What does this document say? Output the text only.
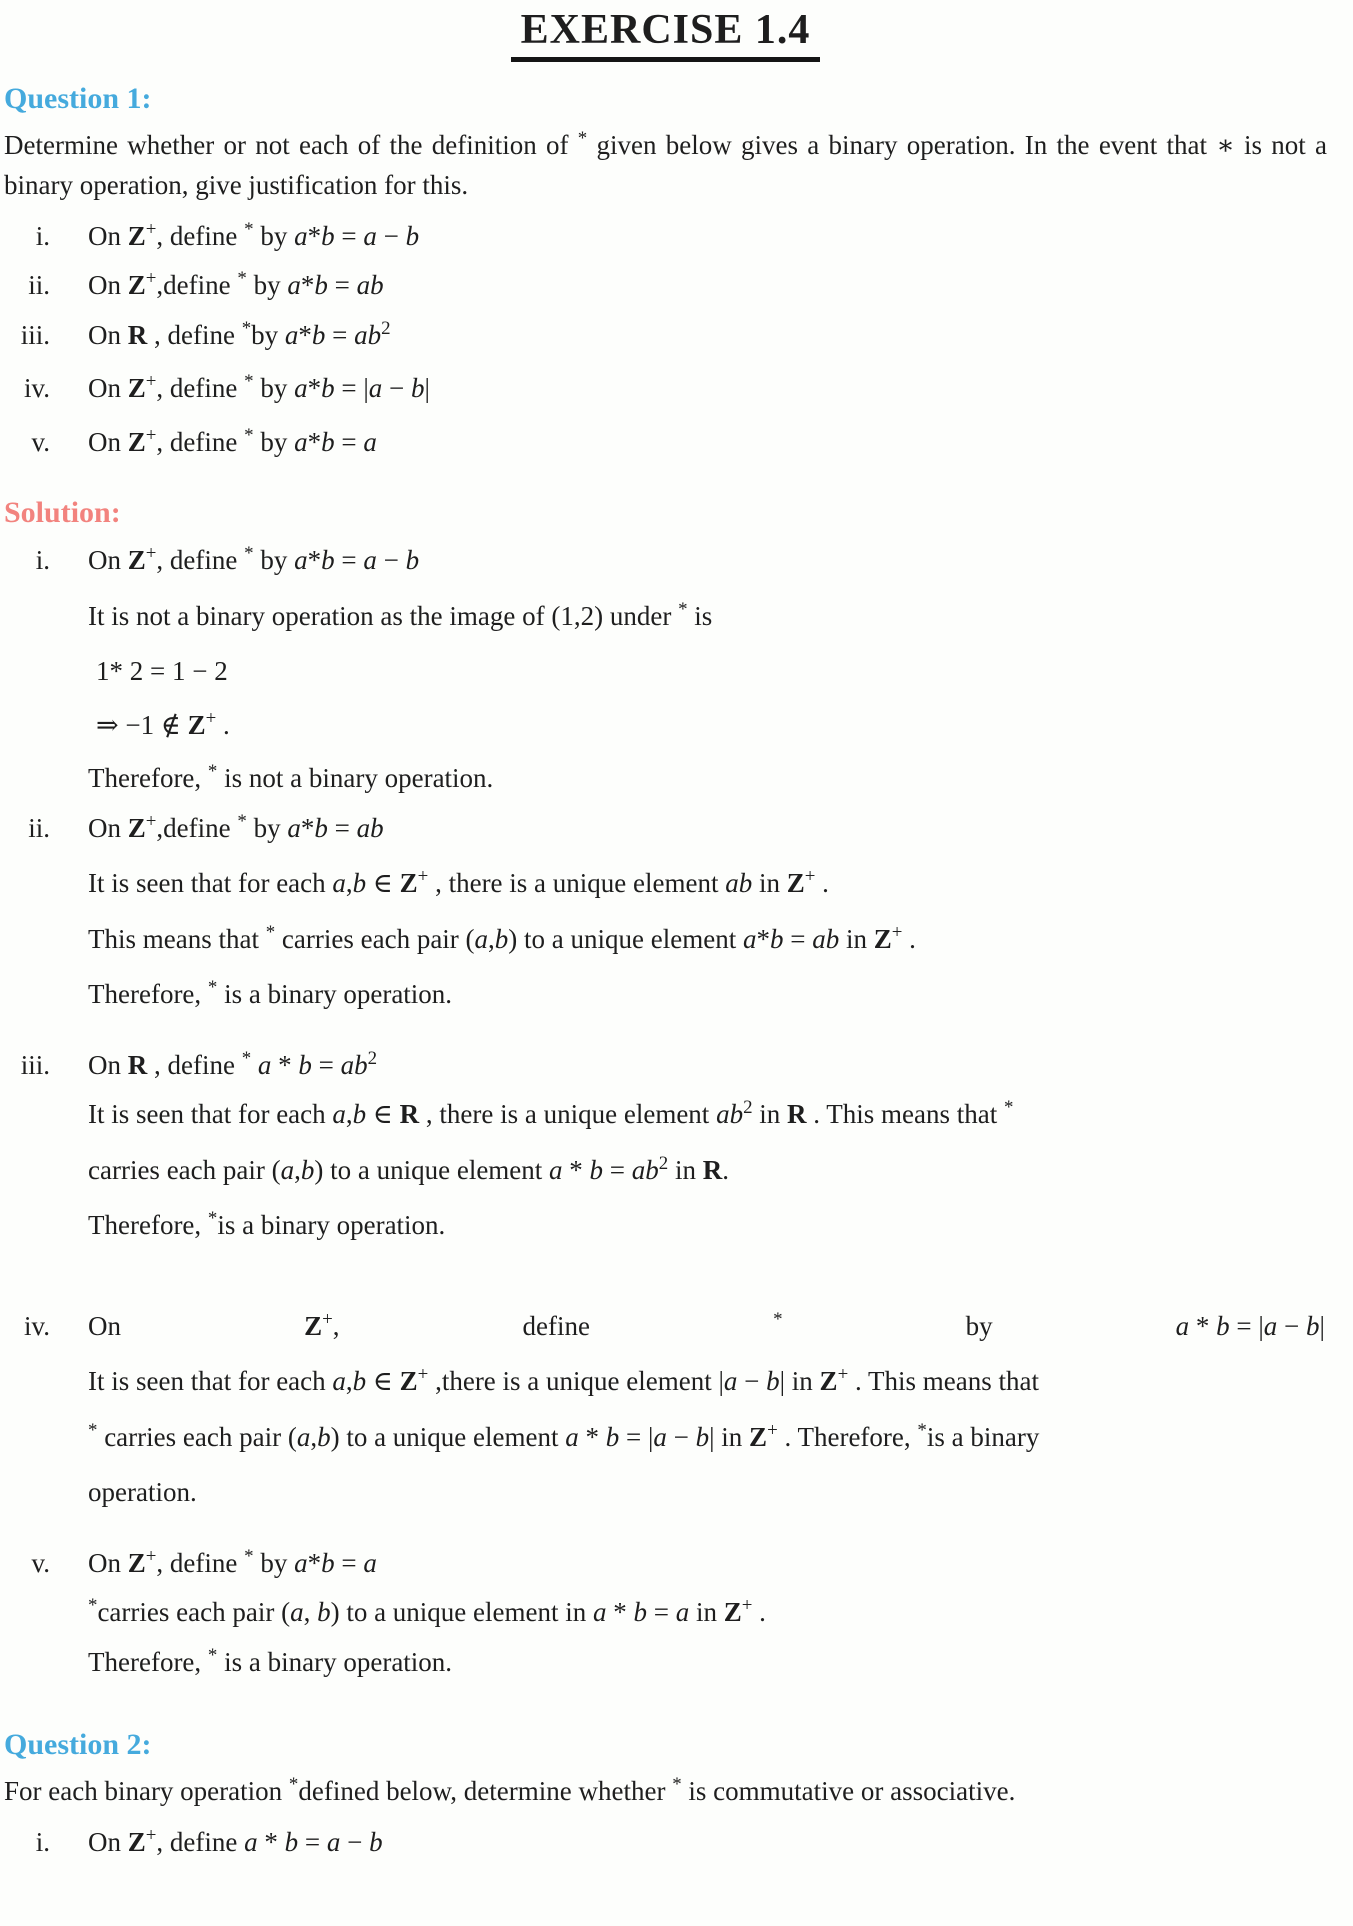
EXERCISE 1.4
Question 1:

Determine whether or not each of the definition of * given below gives a binary operation. In the event that ∗ is not a binary operation, give justification for this.

i. On Z+, define * by a*b = a − b
ii. On Z+,define * by a*b = ab
iii. On R , define *by $a*b = ab^2$
iv. On Z+, define * by a*b = |a − b|
v. On Z+, define * by a*b = a
Solution:
i. On Z+, define * by a*b = a − b
It is not a binary operation as the image of (1,2) under * is
1* 2 = 1 − 2
⇒ −1 ∉ Z+ .
Therefore, * is not a binary operation.
ii. On Z+,define * by a*b = ab
It is seen that for each a,b ∈ Z+ , there is a unique element ab in Z+ .
This means that * carries each pair (a,b) to a unique element a*b = ab in Z+ .
Therefore, * is a binary operation.
iii. On R , define * $a * b = ab^2$
It is seen that for each a,b ∈ R , there is a unique element $ab^2$ in R . This means that *
carries each pair (a,b) to a unique element $a * b = ab^2$ in R.
Therefore, *is a binary operation.
iv. On	Z+,	define	*	by	a * b = |a − b|
It is seen that for each a,b ∈ Z+ ,there is a unique element |a − b| in Z+ . This means that
* carries each pair (a,b) to a unique element a * b = |a − b| in Z+ . Therefore, *is a binary
operation.
v. On Z+, define * by a*b = a
*carries each pair (a, b) to a unique element in a * b = a in Z+ .
Therefore, * is a binary operation.
Question 2:

For each binary operation *defined below, determine whether * is commutative or associative.

i. On Z+, define a * b = a − b
